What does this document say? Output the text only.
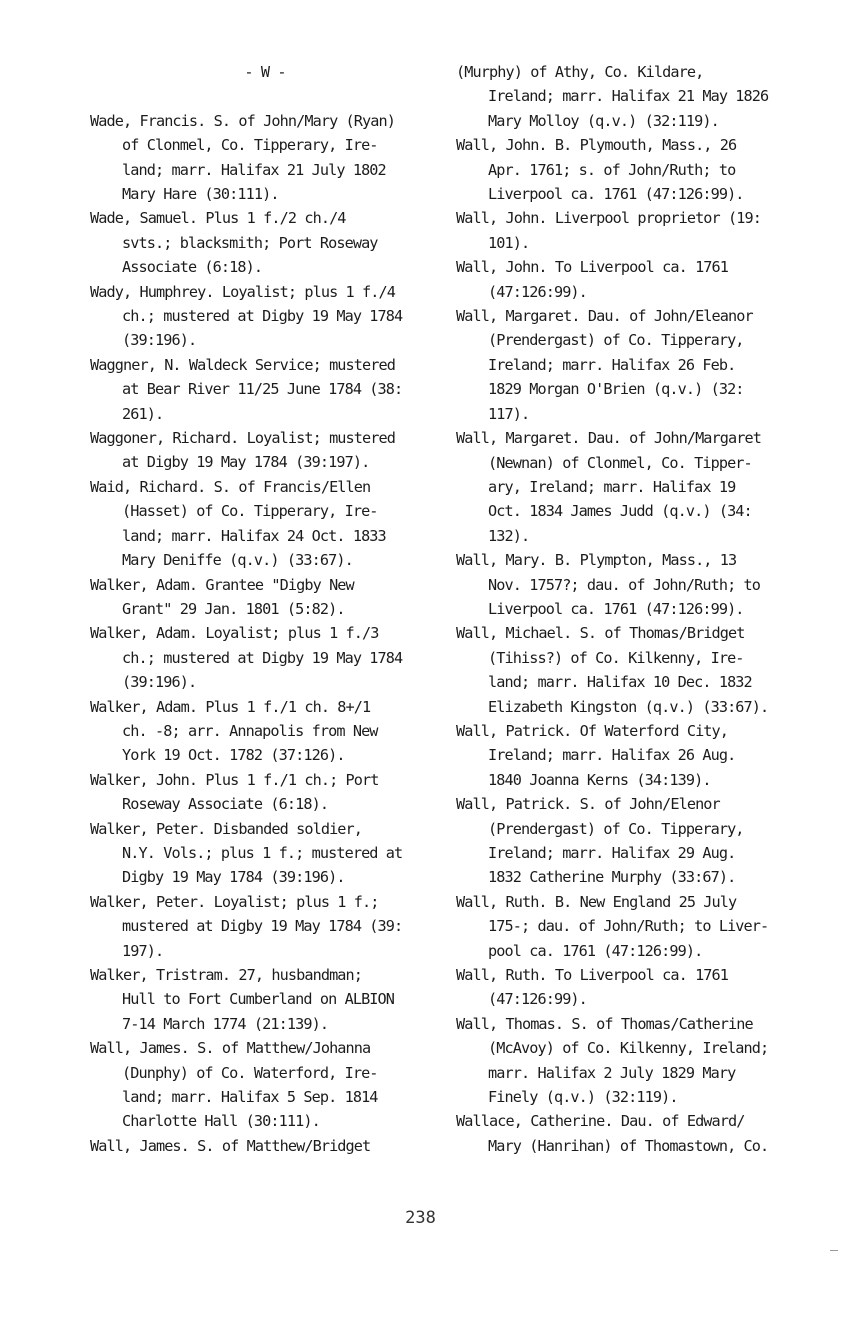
- W -

Wade, Francis. S. of John/Mary (Ryan)
of Clonmel, Co. Tipperary, Ire-
land; marr. Halifax 21 July 1802
Mary Hare (30:111).

Wade, Samuel. Plus 1 f./2 ch./4
svts.; blacksmith; Port Roseway
Associate (6:18).

Wady, Humphrey. Loyalist; plus 1 f./4
ch.; mustered at Digby 19 May 1784
(39:196).

Waggner, N. Waldeck Service; mustered
at Bear River 11/25 June 1784 (38:
261).

Waggoner, Richard. Loyalist; mustered
at Digby 19 May 1784 (39:197).

Waid, Richard. S. of Francis/Ellen
(Hasset) of Co. Tipperary, Ire-
land; marr. Halifax 24 Oct. 1833
Mary Deniffe (q.v.) (33:67).

Walker, Adam. Grantee "Digby New
Grant" 29 Jan. 1801 (5:82).

Walker, Adam. Loyalist; plus 1 f./3
ch.; mustered at Digby 19 May 1784
(39:196).

Walker, Adam. Plus 1 f./1 ch. 8+/1
ch. -8; arr. Annapolis from New
York 19 Oct. 1782 (37:126).

Walker, John. Plus 1 f./1 ch.; Port
Roseway Associate (6:18).

Walker, Peter. Disbanded soldier,
N.Y. Vols.; plus 1 f.; mustered at
Digby 19 May 1784 (39:196).

Walker, Peter. Loyalist; plus 1 f.;
mustered at Digby 19 May 1784 (39:
197).

Walker, Tristram. 27, husbandman;
Hull to Fort Cumberland on ALBION
7-14 March 1774 (21:139).

Wall, James. S. of Matthew/Johanna
(Dunphy) of Co. Waterford, Ire-
land; marr. Halifax 5 Sep. 1814
Charlotte Hall (30:111).

Wall, James. S. of Matthew/Bridget

(Murphy) of Athy, Co. Kildare,
Ireland; marr. Halifax 21 May 1826
Mary Molloy (q.v.) (32:119).

Wall, John. B. Plymouth, Mass., 26
Apr. 1761; s. of John/Ruth; to
Liverpool ca. 1761 (47:126:99).

Wall, John. Liverpool proprietor (19:
101).

Wall, John. To Liverpool ca. 1761
(47:126:99).

Wall, Margaret. Dau. of John/Eleanor
(Prendergast) of Co. Tipperary,
Ireland; marr. Halifax 26 Feb.
1829 Morgan O'Brien (q.v.) (32:
117).

Wall, Margaret. Dau. of John/Margaret
(Newnan) of Clonmel, Co. Tipper-
ary, Ireland; marr. Halifax 19
Oct. 1834 James Judd (q.v.) (34:
132).

Wall, Mary. B. Plympton, Mass., 13
Nov. 1757?; dau. of John/Ruth; to
Liverpool ca. 1761 (47:126:99).

Wall, Michael. S. of Thomas/Bridget
(Tihiss?) of Co. Kilkenny, Ire-
land; marr. Halifax 10 Dec. 1832
Elizabeth Kingston (q.v.) (33:67).

Wall, Patrick. Of Waterford City,
Ireland; marr. Halifax 26 Aug.
1840 Joanna Kerns (34:139).

Wall, Patrick. S. of John/Elenor
(Prendergast) of Co. Tipperary,
Ireland; marr. Halifax 29 Aug.
1832 Catherine Murphy (33:67).

Wall, Ruth. B. New England 25 July
175-; dau. of John/Ruth; to Liver-
pool ca. 1761 (47:126:99).

Wall, Ruth. To Liverpool ca. 1761
(47:126:99).

Wall, Thomas. S. of Thomas/Catherine
(McAvoy) of Co. Kilkenny, Ireland;
marr. Halifax 2 July 1829 Mary
Finely (q.v.) (32:119).

Wallace, Catherine. Dau. of Edward/
Mary (Hanrihan) of Thomastown, Co.

238
